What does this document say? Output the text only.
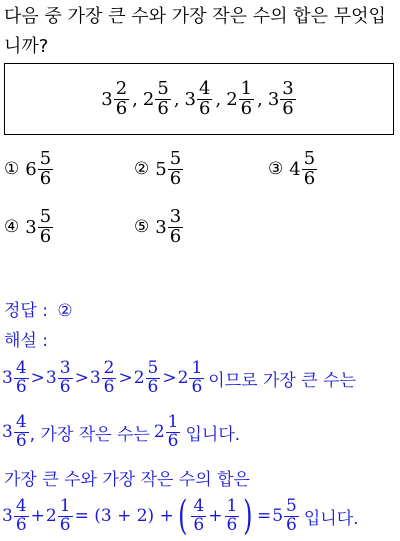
다음 중 가장 큰 수와 가장 작은 수의 합은 무엇입니까?
$3 \frac{2}{6}$ , $2 \frac{5}{6}$ , $3 \frac{4}{6}$ , $2 \frac{1}{6}$ , $3 \frac{3}{6}$
① $6 \frac{5}{6}$	② $5 \frac{5}{6}$	③ $4 \frac{5}{6}$
④ $3 \frac{5}{6}$	⑤ $3 \frac{3}{6}$
정답 : ②
해설 :
$3 \frac{4}{6} > 3 \frac{3}{6} > 3 \frac{2}{6} > 2 \frac{5}{6} > 2 \frac{1}{6}$ 이므로 가장 큰 수는
$3 \frac{4}{6}$ , 가장 작은 수는 $2 \frac{1}{6}$ 입니다.
가장 큰 수와 가장 작은 수의 합은
$3 \frac{4}{6} + 2 \frac{1}{6} = (3 + 2)$ + ( $\frac{4}{6} + \frac{1}{6}$ ) = $5 \frac{5}{6}$ 입니다.
